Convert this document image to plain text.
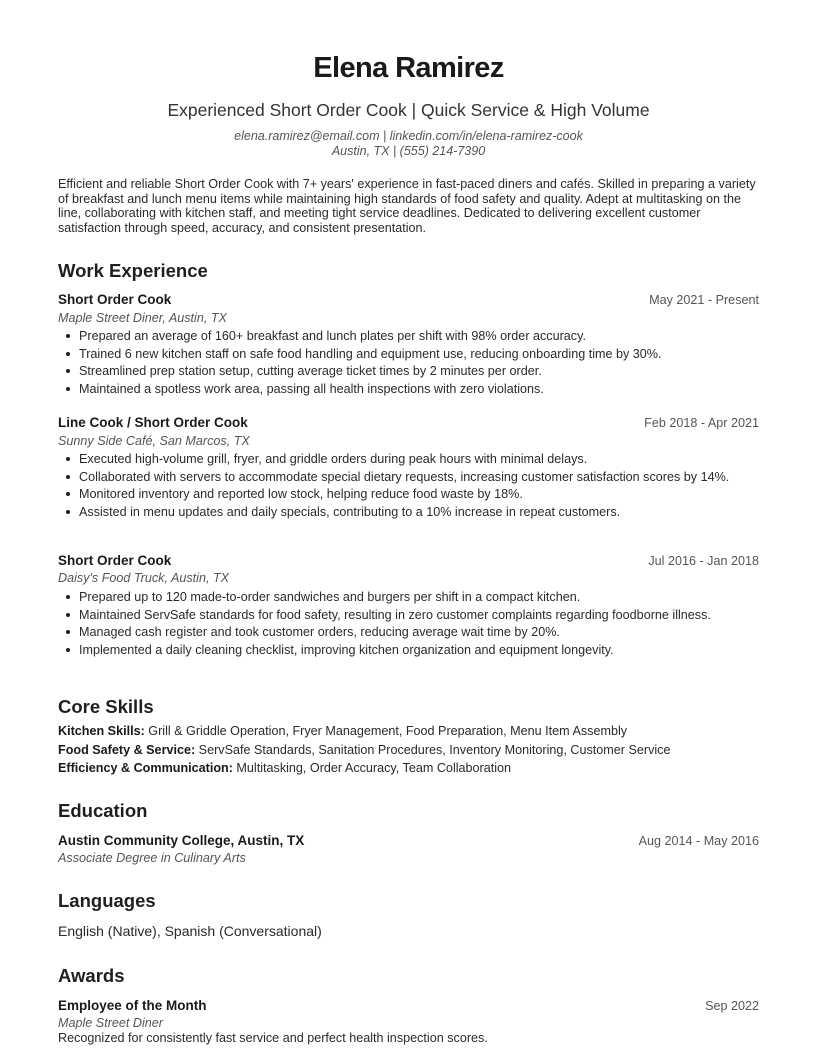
Elena Ramirez
Experienced Short Order Cook | Quick Service & High Volume
elena.ramirez@email.com | linkedin.com/in/elena-ramirez-cook
Austin, TX | (555) 214-7390
Efficient and reliable Short Order Cook with 7+ years' experience in fast-paced diners and cafés. Skilled in preparing a variety of breakfast and lunch menu items while maintaining high standards of food safety and quality. Adept at multitasking on the line, collaborating with kitchen staff, and meeting tight service deadlines. Dedicated to delivering excellent customer satisfaction through speed, accuracy, and consistent presentation.
Work Experience
Short Order Cook	May 2021 - Present
Maple Street Diner, Austin, TX
Prepared an average of 160+ breakfast and lunch plates per shift with 98% order accuracy.
Trained 6 new kitchen staff on safe food handling and equipment use, reducing onboarding time by 30%.
Streamlined prep station setup, cutting average ticket times by 2 minutes per order.
Maintained a spotless work area, passing all health inspections with zero violations.
Line Cook / Short Order Cook	Feb 2018 - Apr 2021
Sunny Side Café, San Marcos, TX
Executed high-volume grill, fryer, and griddle orders during peak hours with minimal delays.
Collaborated with servers to accommodate special dietary requests, increasing customer satisfaction scores by 14%.
Monitored inventory and reported low stock, helping reduce food waste by 18%.
Assisted in menu updates and daily specials, contributing to a 10% increase in repeat customers.
Short Order Cook	Jul 2016 - Jan 2018
Daisy's Food Truck, Austin, TX
Prepared up to 120 made-to-order sandwiches and burgers per shift in a compact kitchen.
Maintained ServSafe standards for food safety, resulting in zero customer complaints regarding foodborne illness.
Managed cash register and took customer orders, reducing average wait time by 20%.
Implemented a daily cleaning checklist, improving kitchen organization and equipment longevity.
Core Skills
Kitchen Skills: Grill & Griddle Operation, Fryer Management, Food Preparation, Menu Item Assembly
Food Safety & Service: ServSafe Standards, Sanitation Procedures, Inventory Monitoring, Customer Service
Efficiency & Communication: Multitasking, Order Accuracy, Team Collaboration
Education
Austin Community College, Austin, TX	Aug 2014 - May 2016
Associate Degree in Culinary Arts
Languages
English (Native), Spanish (Conversational)
Awards
Employee of the Month	Sep 2022
Maple Street Diner
Recognized for consistently fast service and perfect health inspection scores.
